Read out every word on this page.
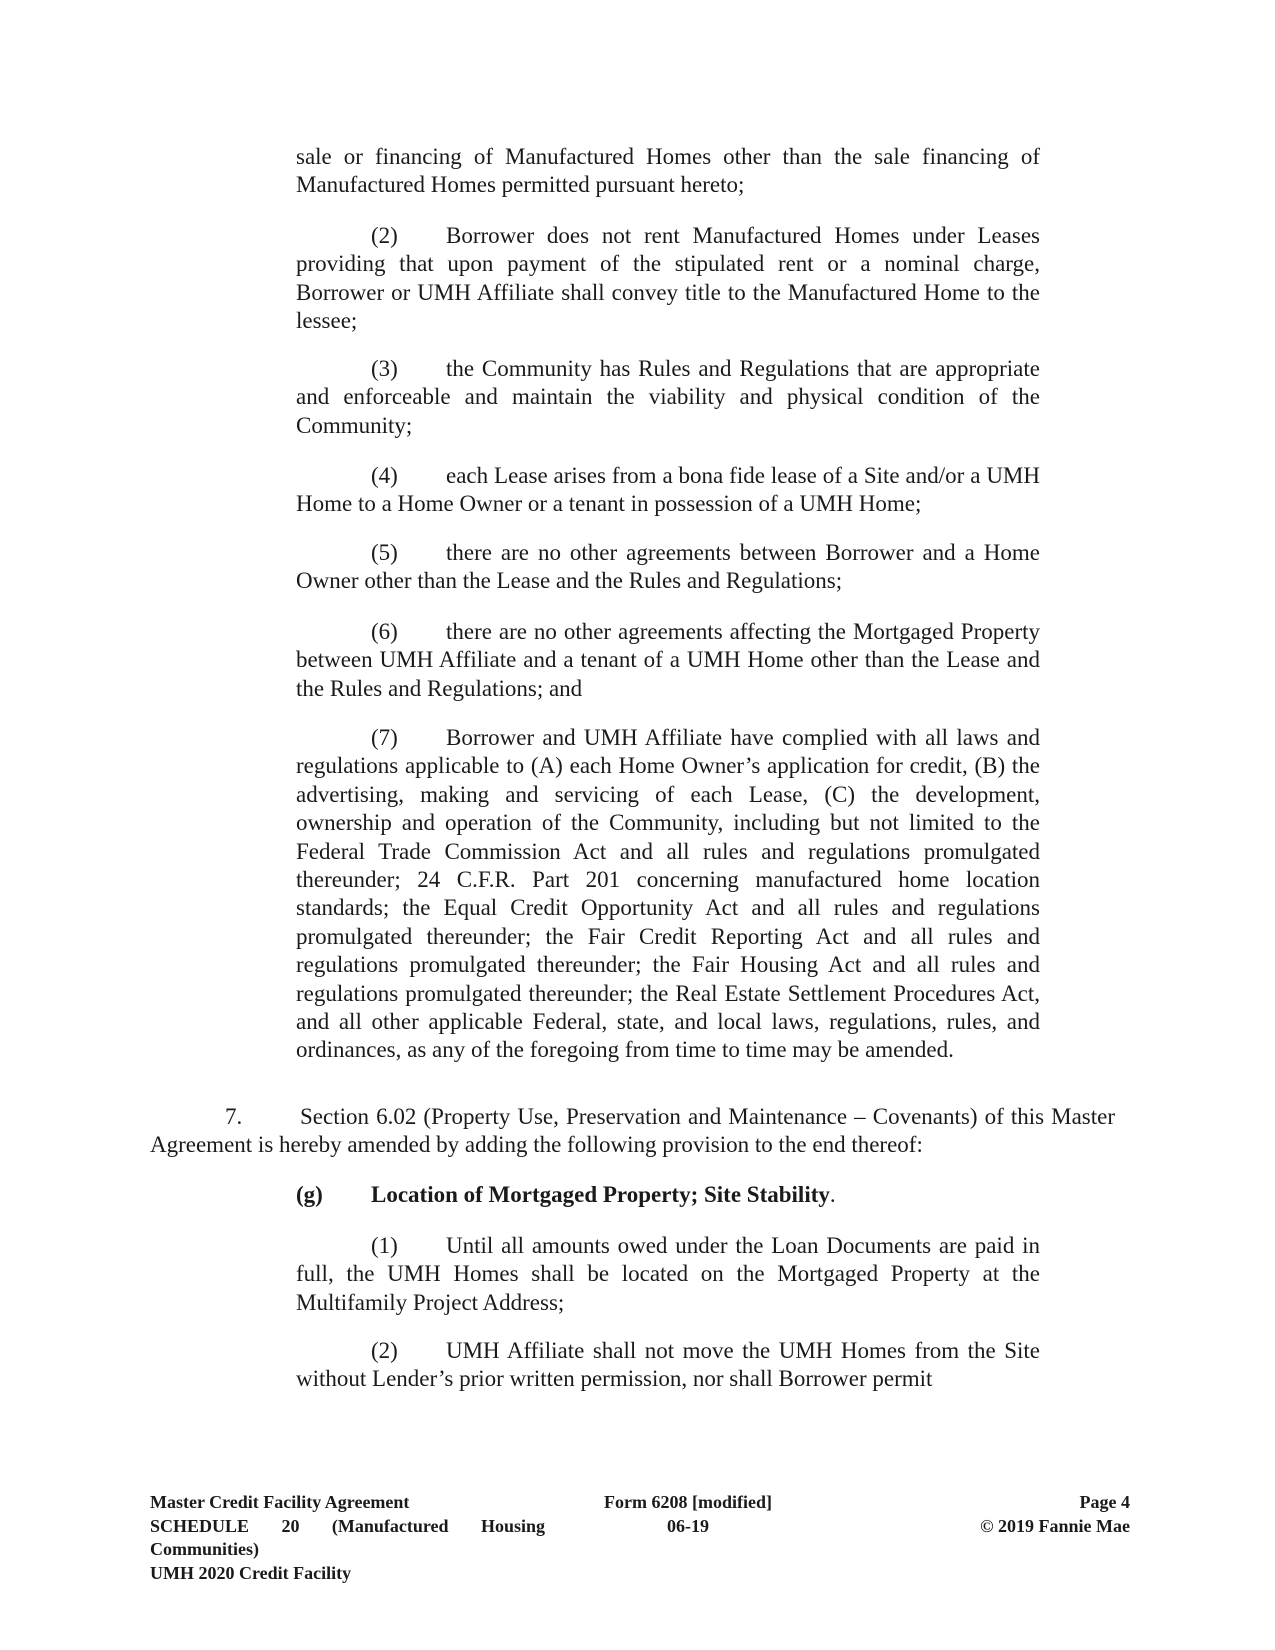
sale or financing of Manufactured Homes other than the sale financing of Manufactured Homes permitted pursuant hereto;
(2) Borrower does not rent Manufactured Homes under Leases providing that upon payment of the stipulated rent or a nominal charge, Borrower or UMH Affiliate shall convey title to the Manufactured Home to the lessee;
(3) the Community has Rules and Regulations that are appropriate and enforceable and maintain the viability and physical condition of the Community;
(4) each Lease arises from a bona fide lease of a Site and/or a UMH Home to a Home Owner or a tenant in possession of a UMH Home;
(5) there are no other agreements between Borrower and a Home Owner other than the Lease and the Rules and Regulations;
(6) there are no other agreements affecting the Mortgaged Property between UMH Affiliate and a tenant of a UMH Home other than the Lease and the Rules and Regulations; and
(7) Borrower and UMH Affiliate have complied with all laws and regulations applicable to (A) each Home Owner’s application for credit, (B) the advertising, making and servicing of each Lease, (C) the development, ownership and operation of the Community, including but not limited to the Federal Trade Commission Act and all rules and regulations promulgated thereunder; 24 C.F.R. Part 201 concerning manufactured home location standards; the Equal Credit Opportunity Act and all rules and regulations promulgated thereunder; the Fair Credit Reporting Act and all rules and regulations promulgated thereunder; the Fair Housing Act and all rules and regulations promulgated thereunder; the Real Estate Settlement Procedures Act, and all other applicable Federal, state, and local laws, regulations, rules, and ordinances, as any of the foregoing from time to time may be amended.
7.	Section 6.02 (Property Use, Preservation and Maintenance – Covenants) of this Master Agreement is hereby amended by adding the following provision to the end thereof:
(g) Location of Mortgaged Property; Site Stability.
(1) Until all amounts owed under the Loan Documents are paid in full, the UMH Homes shall be located on the Mortgaged Property at the Multifamily Project Address;
(2) UMH Affiliate shall not move the UMH Homes from the Site without Lender’s prior written permission, nor shall Borrower permit
Master Credit Facility Agreement
SCHEDULE 20 (Manufactured Housing
Communities)
UMH 2020 Credit Facility
Form 6208 [modified]
06-19
Page 4
© 2019 Fannie Mae
